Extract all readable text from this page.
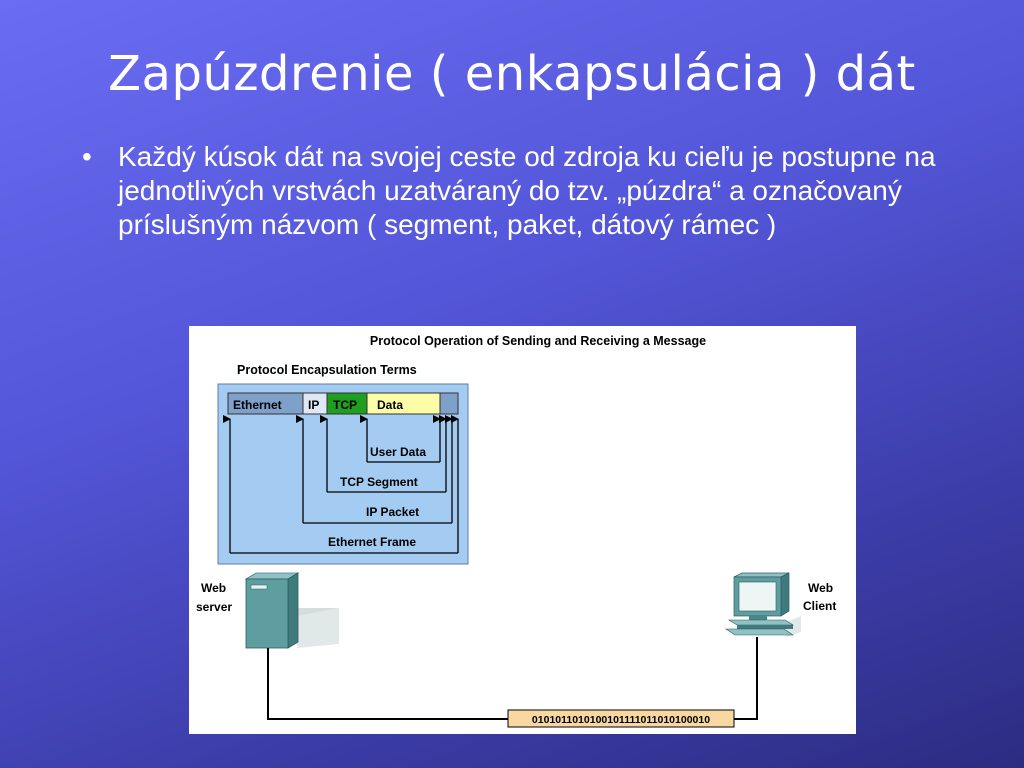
Zapúzdrenie ( enkapsulácia ) dát
• Každý kúsok dát na svojej ceste od zdroja ku cieľu je postupne na jednotlivých vrstvách uzatváraný do tzv. „púzdra“ a označovaný príslušným názvom ( segment, paket, dátový rámec )
Protocol Operation of Sending and Receiving a Message
Protocol Encapsulation Terms
Ethernet IP TCP Data
User Data
TCP Segment
IP Packet
Ethernet Frame
Web
server
Web
Client
0101011010100101111011010100010
